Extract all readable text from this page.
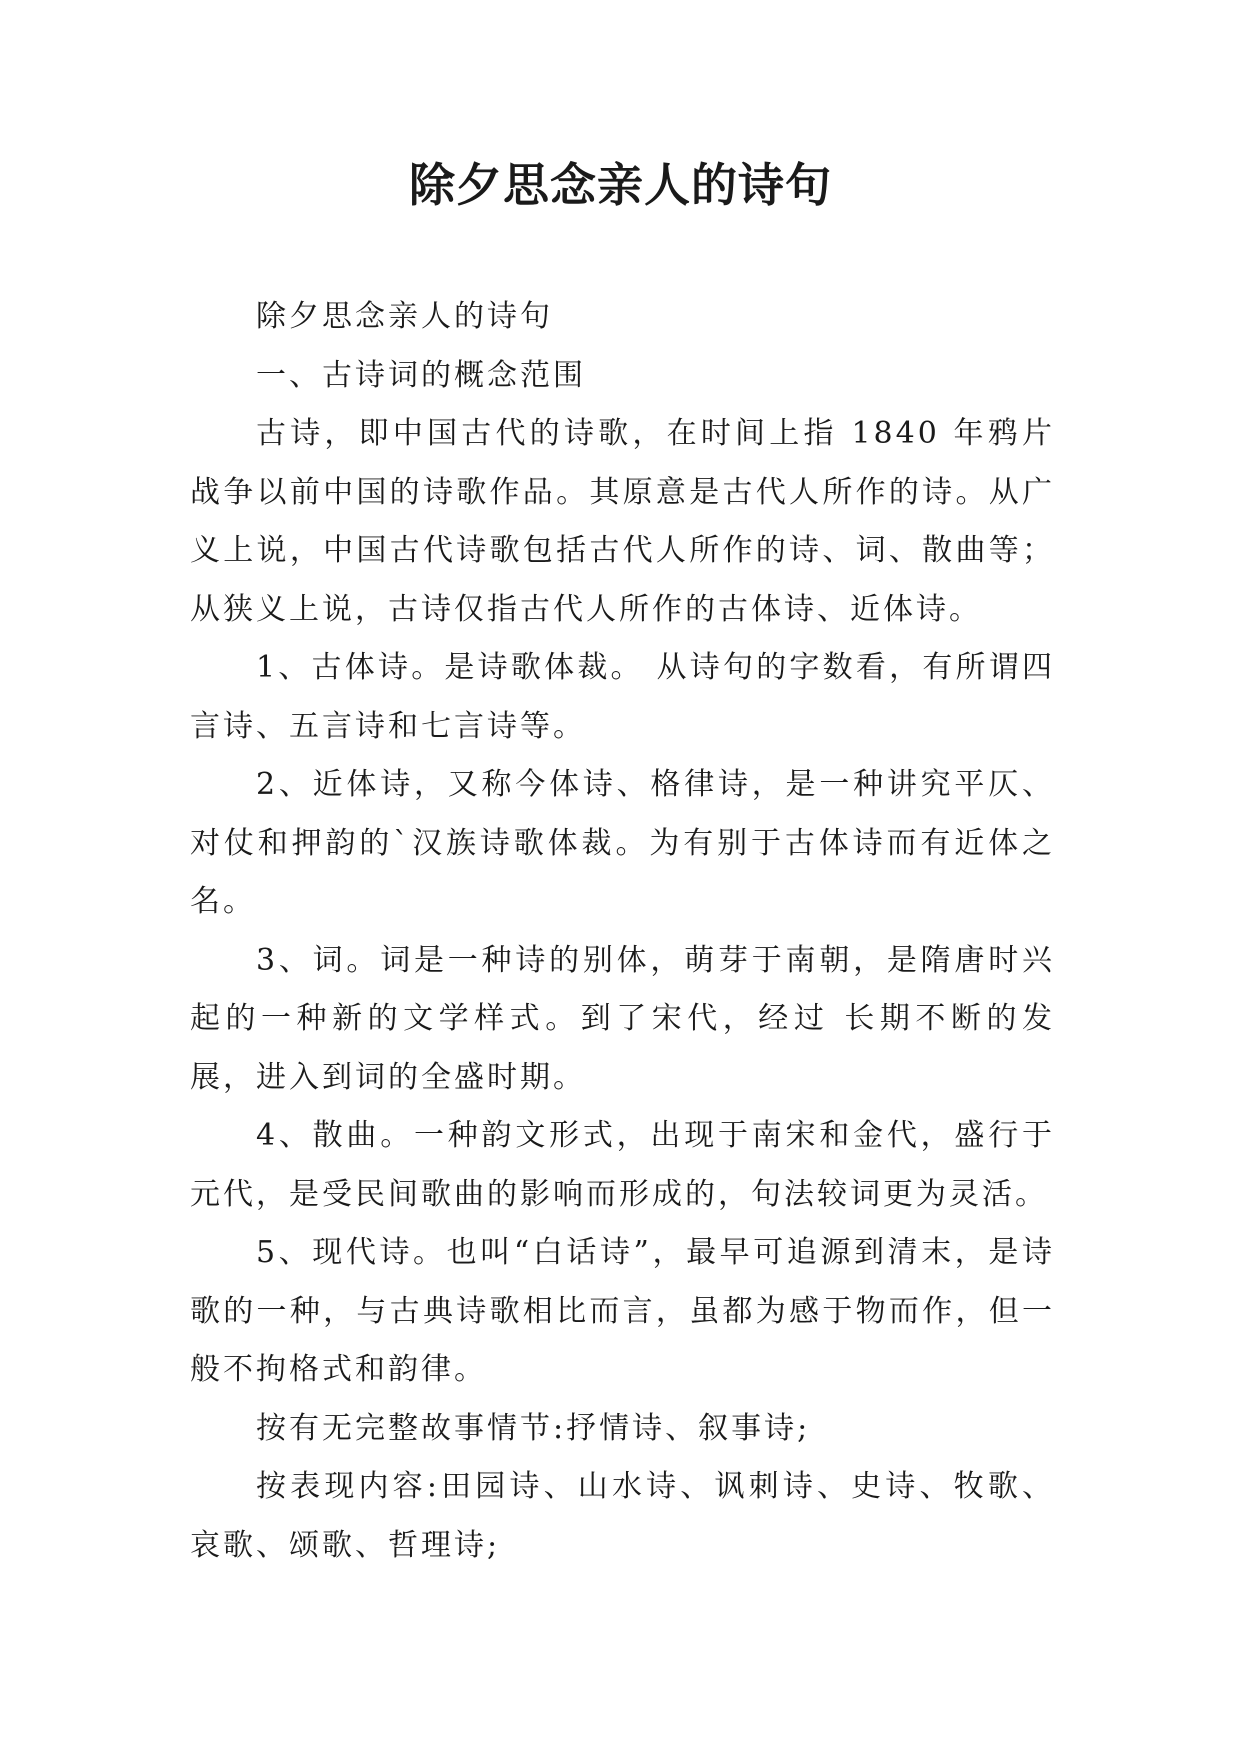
除夕思念亲人的诗句

除夕思念亲人的诗句

一、古诗词的概念范围

古诗，即中国古代的诗歌，在时间上指 1840 年鸦片战争以前中国的诗歌作品。其原意是古代人所作的诗。从广义上说，中国古代诗歌包括古代人所作的诗、词、散曲等；从狭义上说，古诗仅指古代人所作的古体诗、近体诗。

1、古体诗。是诗歌体裁。 从诗句的字数看，有所谓四言诗、五言诗和七言诗等。

2、近体诗，又称今体诗、格律诗，是一种讲究平仄、对仗和押韵的`汉族诗歌体裁。为有别于古体诗而有近体之名。

3、词。词是一种诗的别体，萌芽于南朝，是隋唐时兴起的一种新的文学样式。到了宋代，经过 长期不断的发展，进入到词的全盛时期。

4、散曲。一种韵文形式，出现于南宋和金代，盛行于元代，是受民间歌曲的影响而形成的，句法较词更为灵活。

5、现代诗。也叫“白话诗”，最早可追源到清末，是诗歌的一种，与古典诗歌相比而言，虽都为感于物而作，但一般不拘格式和韵律。

按有无完整故事情节:抒情诗、叙事诗;

按表现内容:田园诗、山水诗、讽刺诗、史诗、牧歌、哀歌、颂歌、哲理诗;
